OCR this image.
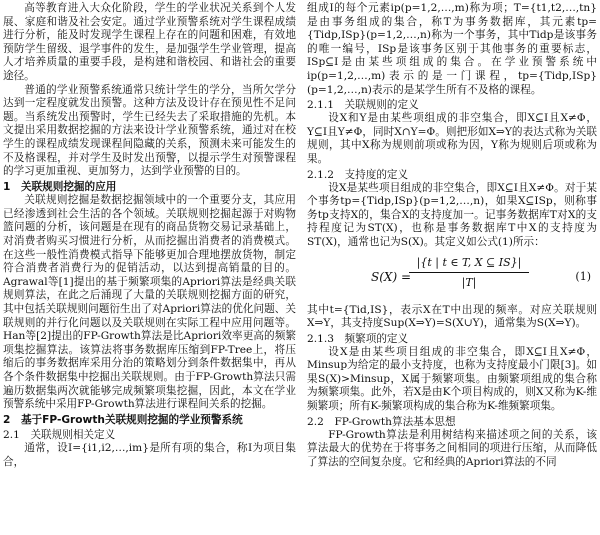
高等教育进入大众化阶段，学生的学业状况关系到个人发展、家庭和谐及社会安定。通过学业预警系统对学生课程成绩进行分析，能及时发现学生课程上存在的问题和困难，有效地预防学生留级、退学事件的发生，是加强学生学业管理，提高人才培养质量的重要手段，是构建和谐校园、和谐社会的重要途径。

普通的学业预警系统通常只统计学生的学分，当所欠学分达到一定程度就发出预警。这种方法及设计存在预见性不足问题。当系统发出预警时，学生已经失去了采取措施的先机。本文提出采用数据挖掘的方法来设计学业预警系统，通过对在校学生的课程成绩发现课程间隐藏的关系，预测未来可能发生的不及格课程，并对学生及时发出预警，以提示学生对预警课程的学习更加重视、更加努力，达到学业预警的目的。

1　关联规则挖掘的应用

关联规则挖掘是数据挖掘领域中的一个重要分支，其应用已经渗透到社会生活的各个领域。关联规则挖掘起源于对购物篮问题的分析，该问题是在现有的商品货物交易记录基础上，对消费者购买习惯进行分析，从而挖掘出消费者的消费模式。在这些一般性消费模式指导下能够更加合理地摆放货物，制定符合消费者消费行为的促销活动，以达到提高销量的目的。Agrawal等[1]提出的基于频繁项集的Apriori算法是经典关联规则算法，在此之后涌现了大量的关联规则挖掘方面的研究，其中包括关联规则问题衍生出了对Apriori算法的优化问题、关联规则的并行化问题以及关联规则在实际工程中应用问题等。Han等[2]提出的FP-Growth算法是比Apriori效率更高的频繁项集挖掘算法。该算法将事务数据库压缩到FP-Tree上，将压缩后的事务数据库采用分治的策略划分到条件数据集中，再从各个条件数据集中挖掘出关联规则。由于FP-Growth算法只需遍历数据集两次就能够完成频繁项集挖掘，因此，本文在学业预警系统中采用FP-Growth算法进行课程间关系的挖掘。

2　基于FP-Growth关联规则挖掘的学业预警系统
2.1　关联规则相关定义

通常，设I={i1,i2,…,im}是所有项的集合，称I为项目集合，

组成I的每个元素ip(p=1,2,…,m)称为项；T={t1,t2,…,tn}是由事务组成的集合，称T为事务数据库，其元素tp={Tidp,ISp}(p=1,2,…,n)称为一个事务，其中Tidp是该事务的唯一编号，ISp是该事务区别于其他事务的重要标志，ISp⊆I是由某些项组成的集合。在学业预警系统中ip(p=1,2,…,m)表示的是一门课程，tp={Tidp,ISp}(p=1,2,…,n)表示的是某学生所有不及格的课程。

2.1.1　关联规则的定义

设X和Y是由某些项组成的非空集合，即X⊆I且X≠Φ，Y⊆I且Y≠Φ，同时X∩Y=Φ。则把形如X⇒Y的表达式称为关联规则，其中X称为规则前项或称为因，Y称为规则后项或称为果。

2.1.2　支持度的定义

设X是某些项目组成的非空集合，即X⊆I且X≠Φ。对于某个事务tp={Tidp,ISp}(p=1,2,…,n)，如果X⊆ISp，则称事务tp支持X的，集合X的支持度加一。记事务数据库T对X的支持程度记为ST(X)，也称是事务数据库T中X的支持度为ST(X)，通常也记为S(X)。其定义如公式(1)所示：

S(X) =
|{t | t ∈ T, X ⊆ IS}|
|T|	(1)

其中t={Tid,IS}，表示X在T中出现的频率。对应关联规则X⇒Y，其支持度Sup(X⇒Y)=S(X∪Y)，通常集为S(X⇒Y)。

2.1.3　频繁项的定义

设X是由某些项目组成的非空集合，即X⊆I且X≠Φ，Minsup为给定的最小支持度，也称为支持度最小门限[3]。如果S(X)>Minsup，X属于频繁项集。由频繁项组成的集合称为频繁项集。此外，若X是由K个项目构成的，则X又称为K-维频繁项；所有K-频繁项构成的集合称为K-维频繁项集。

2.2　FP-Growth算法基本思想

FP-Growth算法是利用树结构来描述项之间的关系，该算法最大的优势在于将事务之间相同的项进行压缩，从而降低了算法的空间复杂度。它和经典的Apriori算法的不同
